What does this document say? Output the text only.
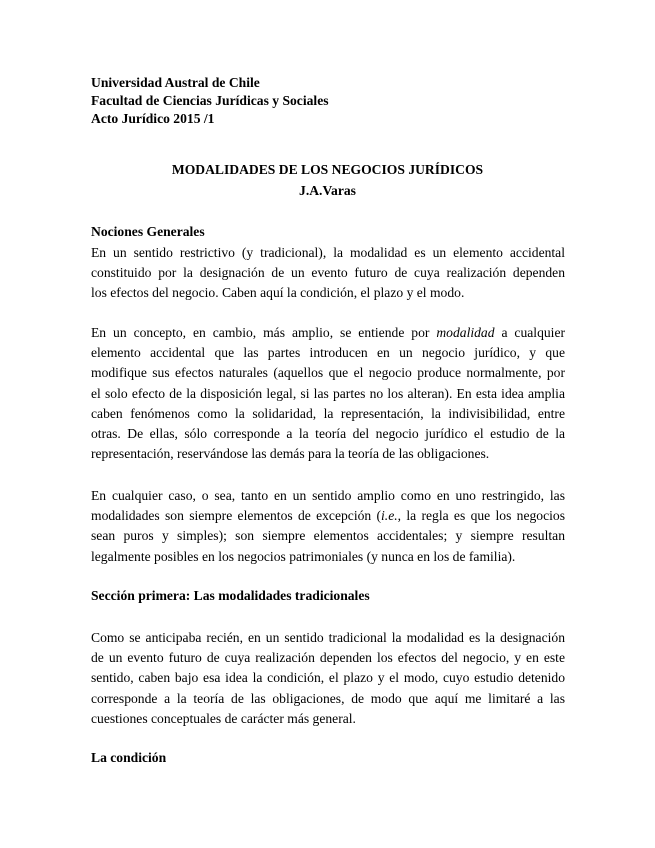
Universidad Austral de Chile
Facultad de Ciencias Jurídicas y Sociales
Acto Jurídico 2015 /1
MODALIDADES DE LOS NEGOCIOS JURÍDICOS
J.A.Varas
Nociones Generales
En un sentido restrictivo (y tradicional), la modalidad es un elemento accidental
constituido por la designación de un evento futuro de cuya realización dependen
los efectos del negocio. Caben aquí la condición, el plazo y el modo.
En un concepto, en cambio, más amplio, se entiende por modalidad a cualquier
elemento accidental que las partes introducen en un negocio jurídico, y que
modifique sus efectos naturales (aquellos que el negocio produce normalmente, por
el solo efecto de la disposición legal, si las partes no los alteran). En esta idea amplia
caben fenómenos como la solidaridad, la representación, la indivisibilidad, entre
otras. De ellas, sólo corresponde a la teoría del negocio jurídico el estudio de la
representación, reservándose las demás para la teoría de las obligaciones.
En cualquier caso, o sea, tanto en un sentido amplio como en uno restringido, las
modalidades son siempre elementos de excepción (i.e., la regla es que los negocios
sean puros y simples); son siempre elementos accidentales; y siempre resultan
legalmente posibles en los negocios patrimoniales (y nunca en los de familia).
Sección primera: Las modalidades tradicionales
Como se anticipaba recién, en un sentido tradicional la modalidad es la designación
de un evento futuro de cuya realización dependen los efectos del negocio, y en este
sentido, caben bajo esa idea la condición, el plazo y el modo, cuyo estudio detenido
corresponde a la teoría de las obligaciones, de modo que aquí me limitaré a las
cuestiones conceptuales de carácter más general.
La condición
